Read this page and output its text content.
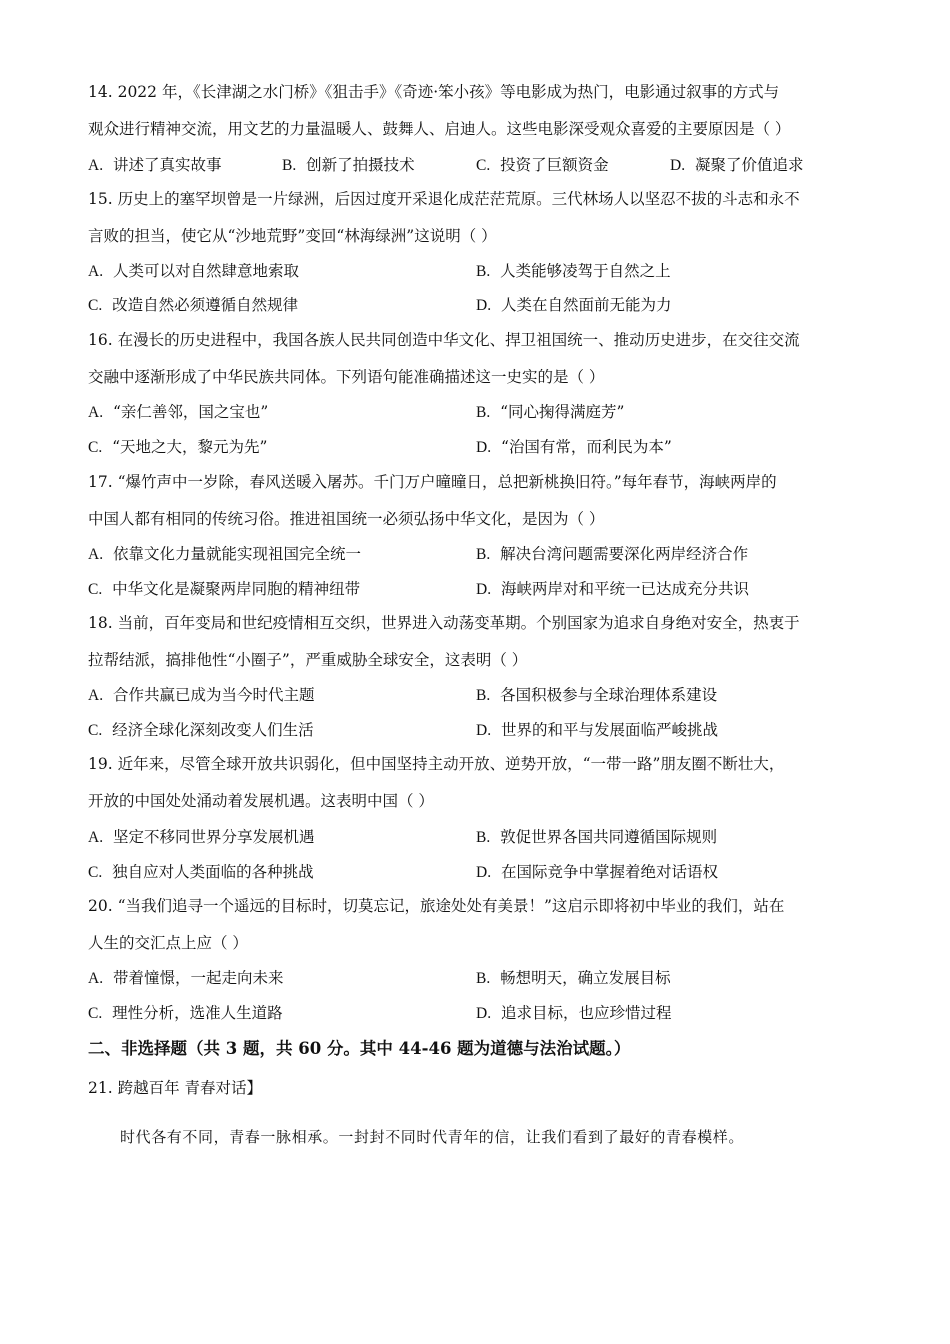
14. 2022 年，《长津湖之水门桥》《狙击手》《奇迹·笨小孩》等电影成为热门，电影通过叙事的方式与
观众进行精神交流，用文艺的力量温暖人、鼓舞人、启迪人。这些电影深受观众喜爱的主要原因是（ ）
A. 讲述了真实故事	B. 创新了拍摄技术	C. 投资了巨额资金	D. 凝聚了价值追求
15. 历史上的塞罕坝曾是一片绿洲，后因过度开采退化成茫茫荒原。三代林场人以坚忍不拔的斗志和永不
言败的担当，使它从“沙地荒野”变回“林海绿洲”这说明（ ）
A. 人类可以对自然肆意地索取	B. 人类能够凌驾于自然之上
C. 改造自然必须遵循自然规律	D. 人类在自然面前无能为力
16. 在漫长的历史进程中，我国各族人民共同创造中华文化、捍卫祖国统一、推动历史进步，在交往交流
交融中逐渐形成了中华民族共同体。下列语句能准确描述这一史实的是（ ）
A. “亲仁善邻，国之宝也”	B. “同心掬得满庭芳”
C. “天地之大，黎元为先”	D. “治国有常，而利民为本”
17. “爆竹声中一岁除，春风送暖入屠苏。千门万户曈曈日，总把新桃换旧符。”每年春节，海峡两岸的
中国人都有相同的传统习俗。推进祖国统一必须弘扬中华文化，是因为（ ）
A. 依靠文化力量就能实现祖国完全统一	B. 解决台湾问题需要深化两岸经济合作
C. 中华文化是凝聚两岸同胞的精神纽带	D. 海峡两岸对和平统一已达成充分共识
18. 当前，百年变局和世纪疫情相互交织，世界进入动荡变革期。个别国家为追求自身绝对安全，热衷于
拉帮结派，搞排他性“小圈子”，严重威胁全球安全，这表明（ ）
A. 合作共赢已成为当今时代主题	B. 各国积极参与全球治理体系建设
C. 经济全球化深刻改变人们生活	D. 世界的和平与发展面临严峻挑战
19. 近年来，尽管全球开放共识弱化，但中国坚持主动开放、逆势开放，“一带一路”朋友圈不断壮大，
开放的中国处处涌动着发展机遇。这表明中国（ ）
A. 坚定不移同世界分享发展机遇	B. 敦促世界各国共同遵循国际规则
C. 独自应对人类面临的各种挑战	D. 在国际竞争中掌握着绝对话语权
20. “当我们追寻一个遥远的目标时，切莫忘记，旅途处处有美景！”这启示即将初中毕业的我们，站在
人生的交汇点上应（ ）
A. 带着憧憬，一起走向未来	B. 畅想明天，确立发展目标
C. 理性分析，选准人生道路	D. 追求目标，也应珍惜过程
二、非选择题（共 3 题，共 60 分。其中 44-46 题为道德与法治试题。）
21. 跨越百年 青春对话】
时代各有不同，青春一脉相承。一封封不同时代青年的信，让我们看到了最好的青春模样。
